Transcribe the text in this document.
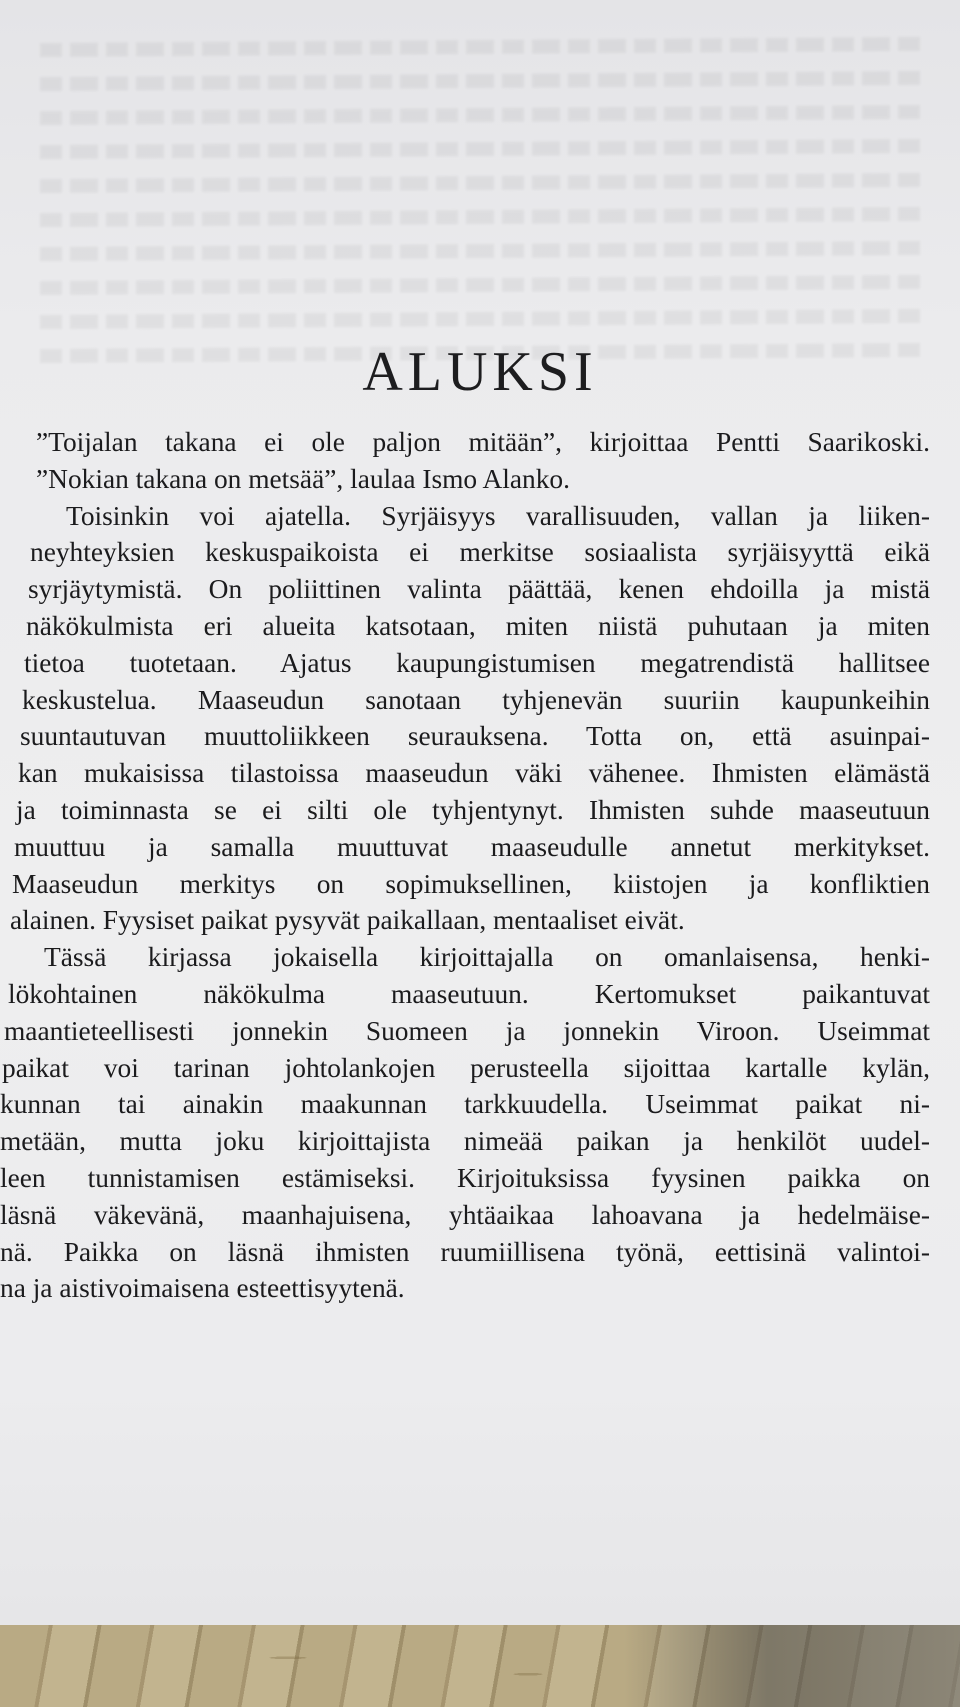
ALUKSI
”Toijalan takana ei ole paljon mitään”, kirjoittaa Pentti Saarikoski.
”Nokian takana on metsää”, laulaa Ismo Alanko.
Toisinkin voi ajatella. Syrjäisyys varallisuuden, vallan ja liiken-
neyhteyksien keskuspaikoista ei merkitse sosiaalista syrjäisyyttä eikä
syrjäytymistä. On poliittinen valinta päättää, kenen ehdoilla ja mistä
näkökulmista eri alueita katsotaan, miten niistä puhutaan ja miten
tietoa tuotetaan. Ajatus kaupungistumisen megatrendistä hallitsee
keskustelua. Maaseudun sanotaan tyhjenevän suuriin kaupunkeihin
suuntautuvan muuttoliikkeen seurauksena. Totta on, että asuinpai-
kan mukaisissa tilastoissa maaseudun väki vähenee. Ihmisten elämästä
ja toiminnasta se ei silti ole tyhjentynyt. Ihmisten suhde maaseutuun
muuttuu ja samalla muuttuvat maaseudulle annetut merkitykset.
Maaseudun merkitys on sopimuksellinen, kiistojen ja konfliktien
alainen. Fyysiset paikat pysyvät paikallaan, mentaaliset eivät.
Tässä kirjassa jokaisella kirjoittajalla on omanlaisensa, henki-
lökohtainen näkökulma maaseutuun. Kertomukset paikantuvat
maantieteellisesti jonnekin Suomeen ja jonnekin Viroon. Useimmat
paikat voi tarinan johtolankojen perusteella sijoittaa kartalle kylän,
kunnan tai ainakin maakunnan tarkkuudella. Useimmat paikat ni-
metään, mutta joku kirjoittajista nimeää paikan ja henkilöt uudel-
leen tunnistamisen estämiseksi. Kirjoituksissa fyysinen paikka on
läsnä väkevänä, maanhajuisena, yhtäaikaa lahoavana ja hedelmäise-
nä. Paikka on läsnä ihmisten ruumiillisena työnä, eettisinä valintoi-
na ja aistivoimaisena esteettisyytenä.
